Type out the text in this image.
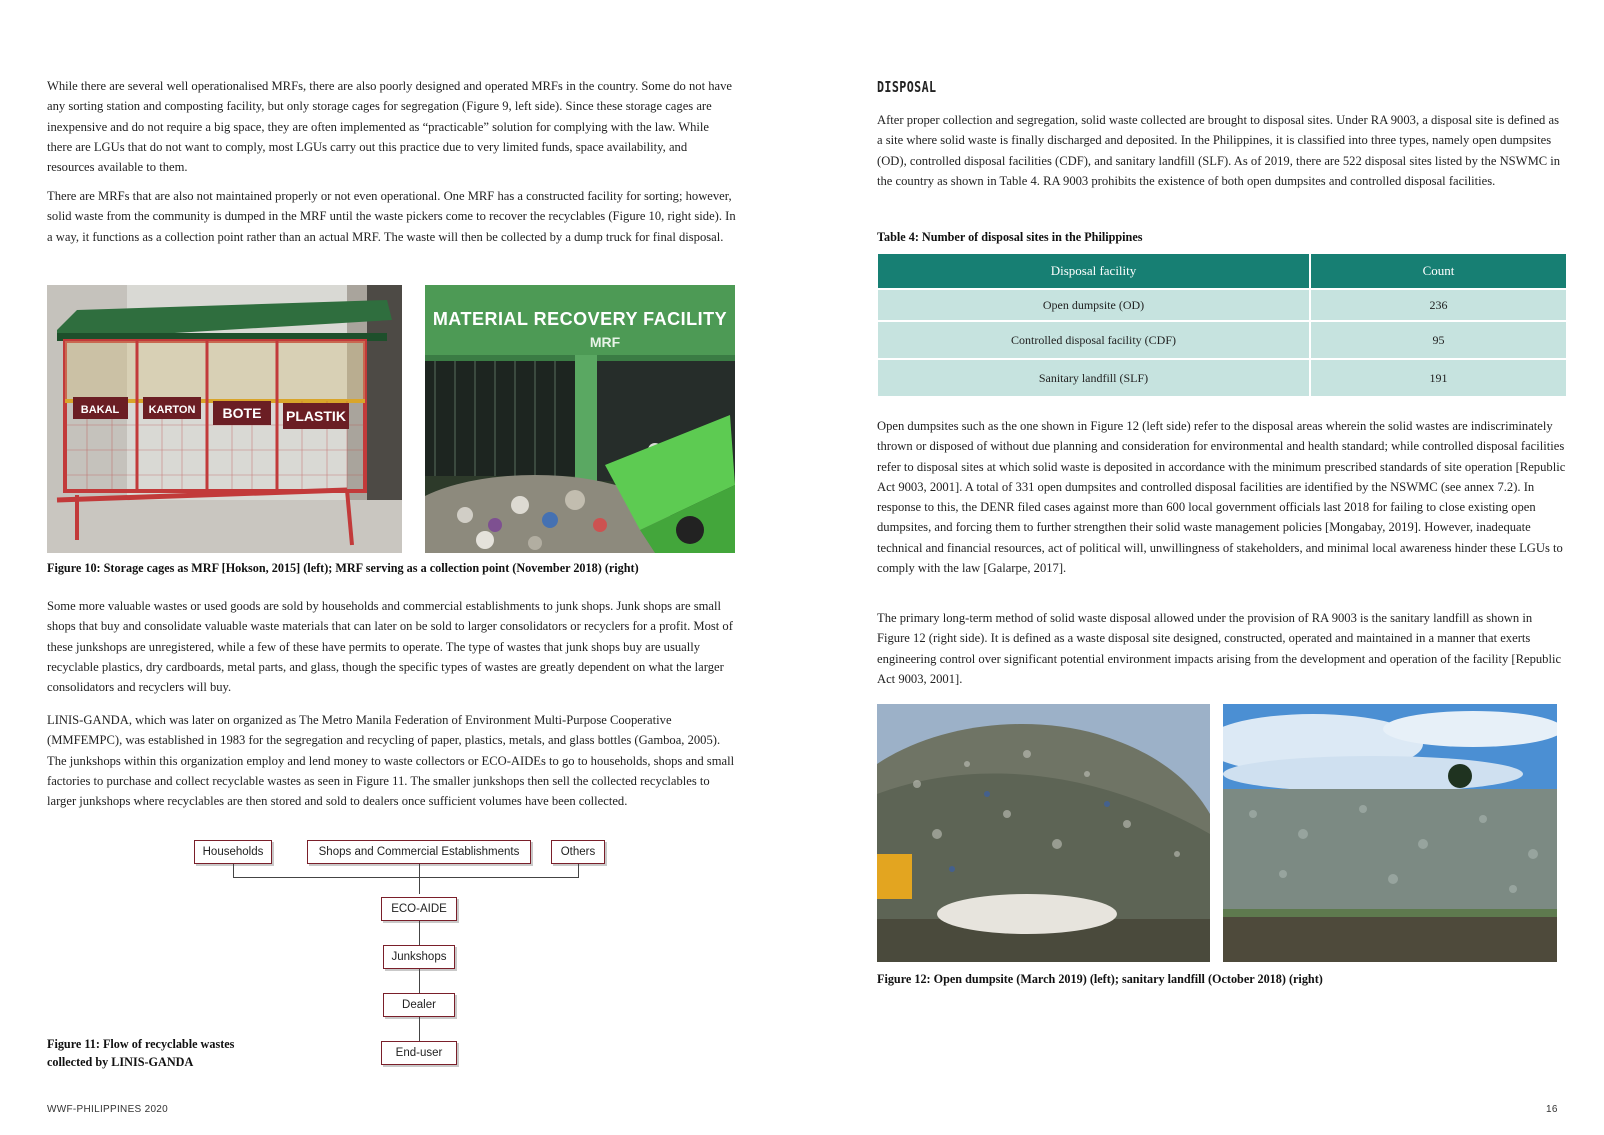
While there are several well operationalised MRFs, there are also poorly designed and operated MRFs in the country. Some do not have any sorting station and composting facility, but only storage cages for segregation (Figure 9, left side). Since these storage cages are inexpensive and do not require a big space, they are often implemented as “practicable” solution for complying with the law. While there are LGUs that do not want to comply, most LGUs carry out this practice due to very limited funds, space availability, and resources available to them.

There are MRFs that are also not maintained properly or not even operational. One MRF has a constructed facility for sorting; however, solid waste from the community is dumped in the MRF until the waste pickers come to recover the recyclables (Figure 10, right side). In a way, it functions as a collection point rather than an actual MRF. The waste will then be collected by a dump truck for final disposal.

BAKAL	KARTON BOTE PLASTIK
MATERIAL RECOVERY FACILITY
MRF

Figure 10: Storage cages as MRF [Hokson, 2015] (left); MRF serving as a collection point (November 2018) (right)

Some more valuable wastes or used goods are sold by households and commercial establishments to junk shops. Junk shops are small shops that buy and consolidate valuable waste materials that can later on be sold to larger consolidators or recyclers for a profit. Most of these junkshops are unregistered, while a few of these have permits to operate. The type of wastes that junk shops buy are usually recyclable plastics, dry cardboards, metal parts, and glass, though the specific types of wastes are greatly dependent on what the larger consolidators and recyclers will buy.

LINIS-GANDA, which was later on organized as The Metro Manila Federation of Environment Multi-Purpose Cooperative (MMFEMPC), was established in 1983 for the segregation and recycling of paper, plastics, metals, and glass bottles (Gamboa, 2005). The junkshops within this organization employ and lend money to waste collectors or ECO-AIDEs to go to households, shops and small factories to purchase and collect recyclable wastes as seen in Figure 11. The smaller junkshops then sell the collected recyclables to larger junkshops where recyclables are then stored and sold to dealers once sufficient volumes have been collected.

Households	Shops and Commercial Establishments	Others
ECO-AIDE
Junkshops
Dealer
End-user

Figure 11: Flow of recyclable wastes

collected by LINIS-GANDA

DISPOSAL

After proper collection and segregation, solid waste collected are brought to disposal sites. Under RA 9003, a disposal site is defined as a site where solid waste is finally discharged and deposited. In the Philippines, it is classified into three types, namely open dumpsites (OD), controlled disposal facilities (CDF), and sanitary landfill (SLF). As of 2019, there are 522 disposal sites listed by the NSWMC in the country as shown in Table 4. RA 9003 prohibits the existence of both open dumpsites and controlled disposal facilities.

Table 4: Number of disposal sites in the Philippines

Disposal facility	Count
Open dumpsite (OD)	236
Controlled disposal facility (CDF)	95
Sanitary landfill (SLF)	191

Open dumpsites such as the one shown in Figure 12 (left side) refer to the disposal areas wherein the solid wastes are indiscriminately thrown or disposed of without due planning and consideration for environmental and health standard; while controlled disposal facilities refer to disposal sites at which solid waste is deposited in accordance with the minimum prescribed standards of site operation [Republic Act 9003, 2001]. A total of 331 open dumpsites and controlled disposal facilities are identified by the NSWMC (see annex 7.2). In response to this, the DENR filed cases against more than 600 local government officials last 2018 for failing to close existing open dumpsites, and forcing them to further strengthen their solid waste management policies [Mongabay, 2019]. However, inadequate technical and financial resources, act of political will, unwillingness of stakeholders, and minimal local awareness hinder these LGUs to comply with the law [Galarpe, 2017].

The primary long-term method of solid waste disposal allowed under the provision of RA 9003 is the sanitary landfill as shown in Figure 12 (right side). It is defined as a waste disposal site designed, constructed, operated and maintained in a manner that exerts engineering control over significant potential environment impacts arising from the development and operation of the facility [Republic Act 9003, 2001].

Figure 12: Open dumpsite (March 2019) (left); sanitary landfill (October 2018) (right)

WWF-PHILIPPINES 2020	16
